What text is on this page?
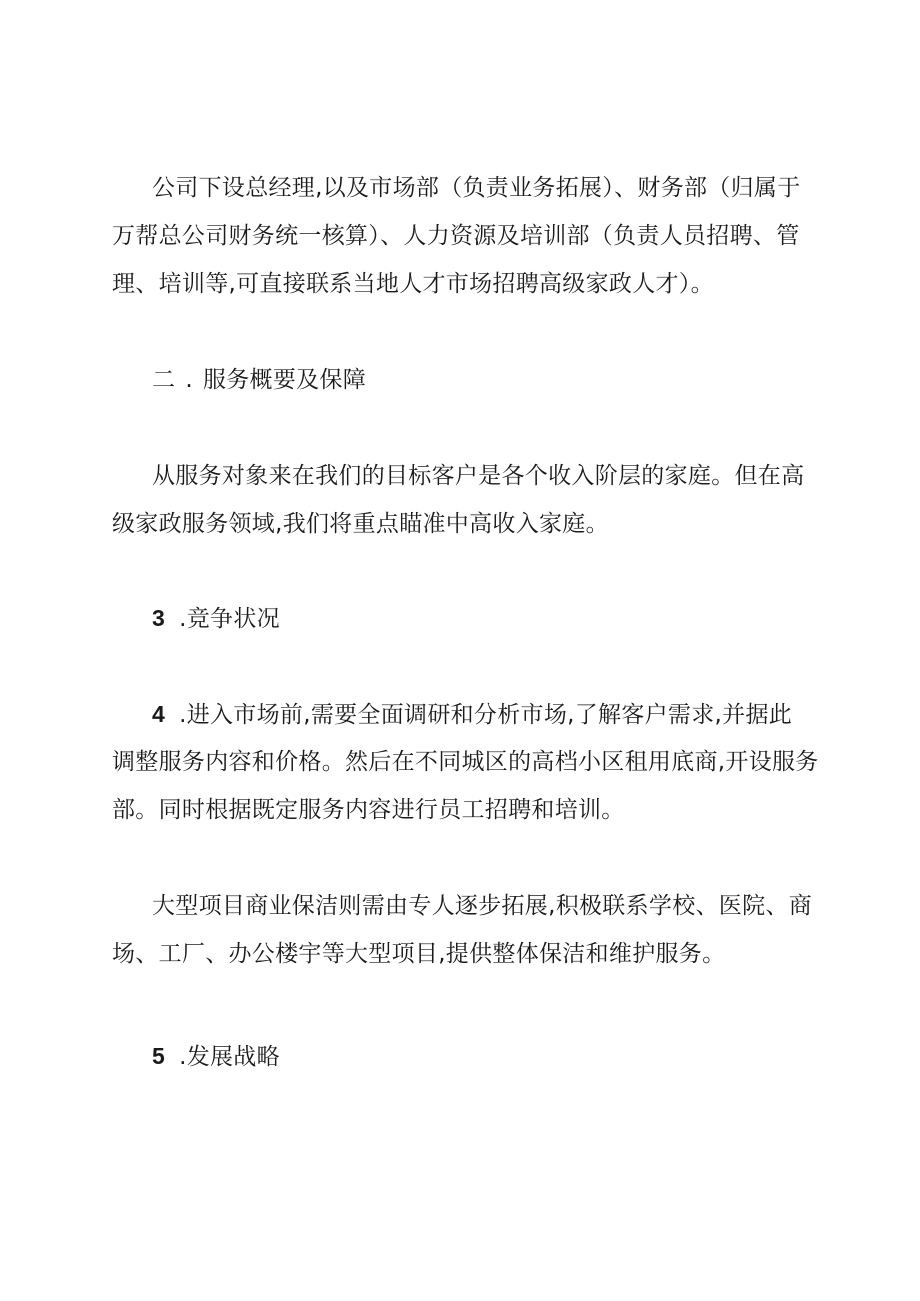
公司下设总经理,以及市场部（负责业务拓展）、财务部（归属于
万帮总公司财务统一核算）、人力资源及培训部（负责人员招聘、管
理、培训等,可直接联系当地人才市场招聘高级家政人才）。
二 . 服务概要及保障
从服务对象来在我们的目标客户是各个收入阶层的家庭。但在高
级家政服务领域,我们将重点瞄准中高收入家庭。
3 .竞争状况
4 .进入市场前,需要全面调研和分析市场,了解客户需求,并据此
调整服务内容和价格。然后在不同城区的高档小区租用底商,开设服务
部。同时根据既定服务内容进行员工招聘和培训。
大型项目商业保洁则需由专人逐步拓展,积极联系学校、医院、商
场、工厂、办公楼宇等大型项目,提供整体保洁和维护服务。
5 .发展战略
